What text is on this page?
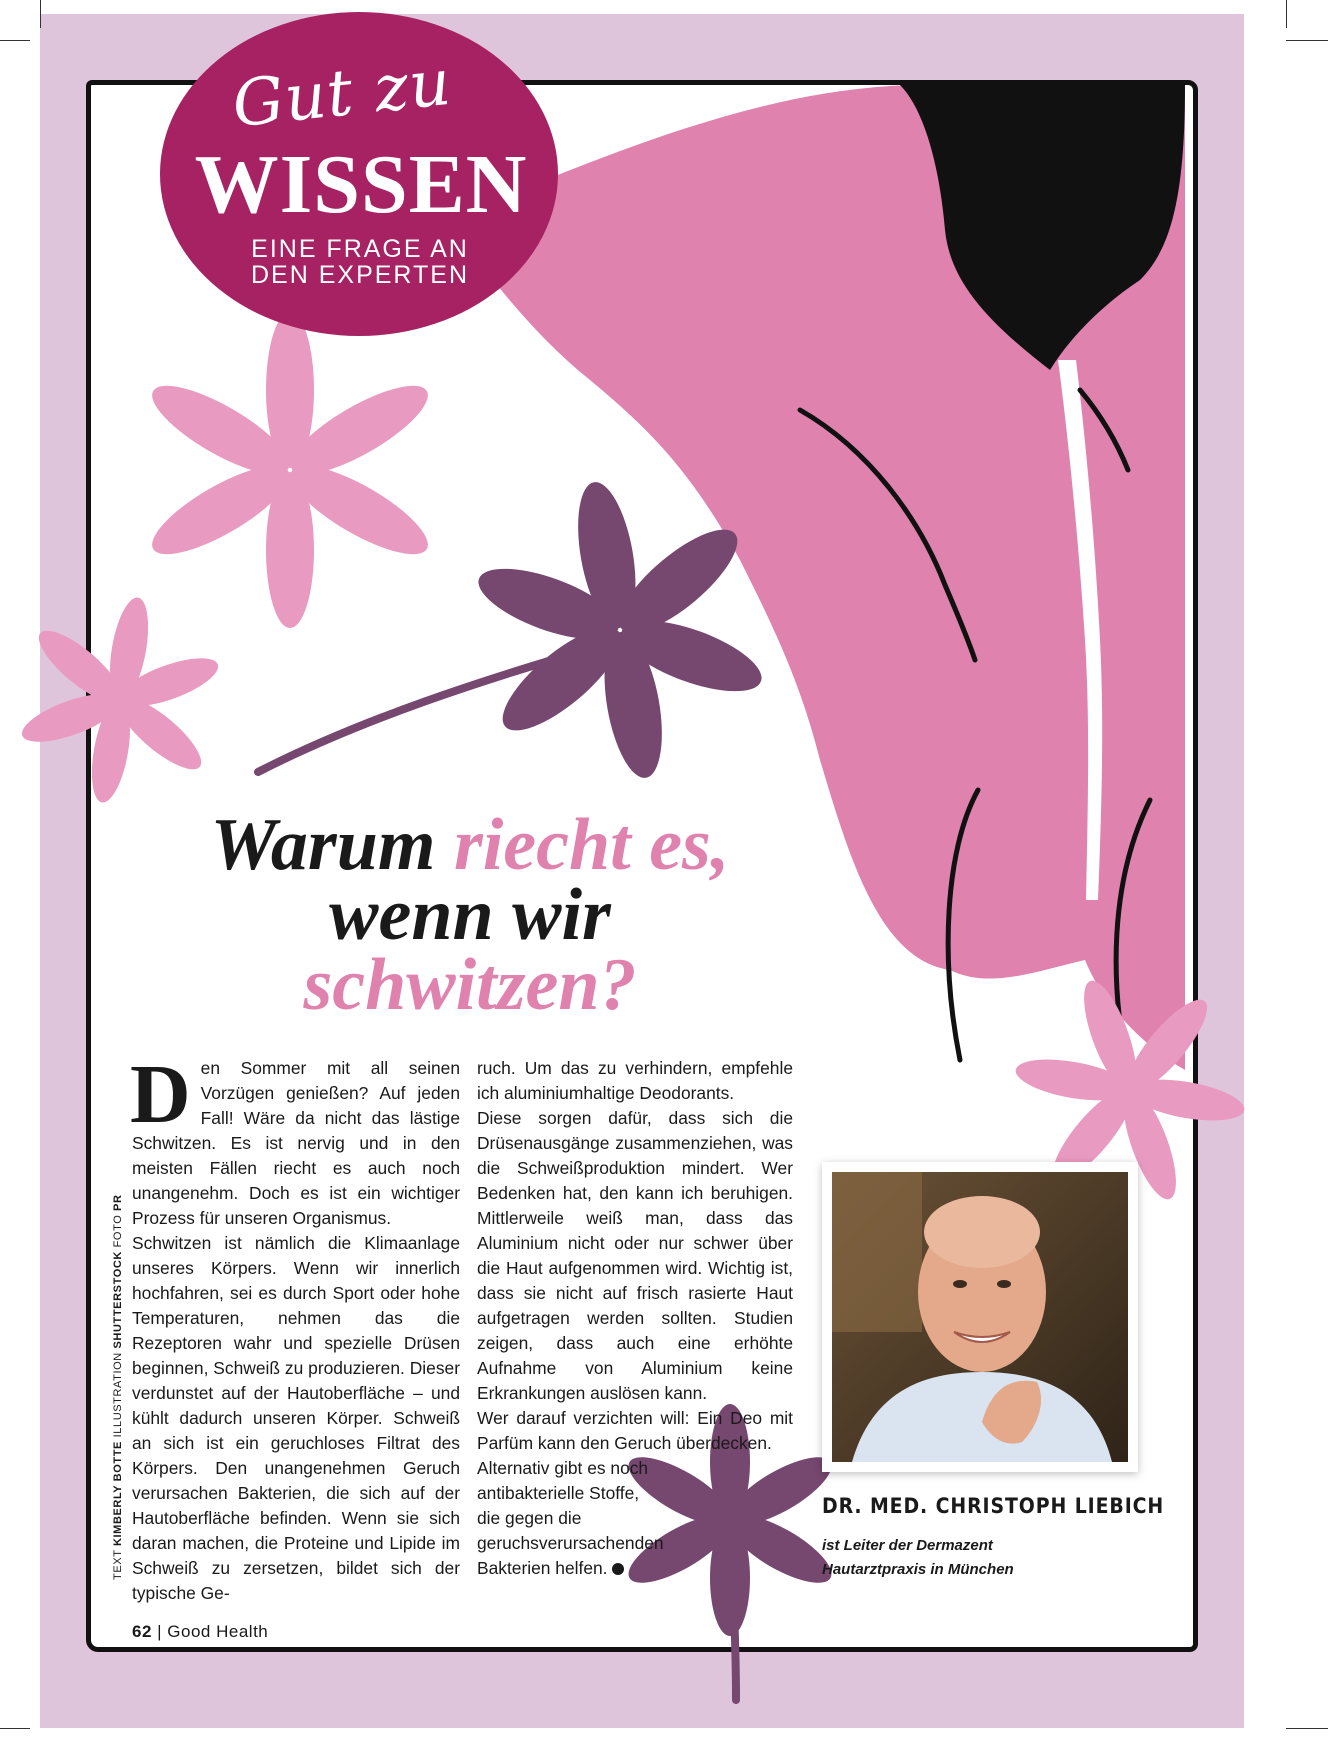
Gut zu
WISSEN
EINE FRAGE AN
DEN EXPERTEN
Warum riecht es,
wenn wir
schwitzen?

Den Sommer mit all seinen Vorzügen genießen? Auf jeden Fall! Wäre da nicht das lästige Schwitzen. Es ist nervig und in den meisten Fällen riecht es auch noch unangenehm. Doch es ist ein wichtiger Prozess für unseren Organismus.

Schwitzen ist nämlich die Klimaanlage unseres Körpers. Wenn wir innerlich hochfahren, sei es durch Sport oder hohe Temperaturen, nehmen das die Rezeptoren wahr und spezielle Drüsen beginnen, Schweiß zu produzieren. Dieser verdunstet auf der Hautoberfläche – und kühlt dadurch unseren Körper. Schweiß an sich ist ein geruchloses Filtrat des Körpers. Den unangenehmen Geruch verursachen Bakterien, die sich auf der Hautoberfläche befinden. Wenn sie sich daran machen, die Proteine und Lipide im Schweiß zu zersetzen, bildet sich der typische Ge-

ruch. Um das zu verhindern, empfehle ich aluminiumhaltige Deodorants.

Diese sorgen dafür, dass sich die Drüsenausgänge zusammenziehen, was die Schweißproduktion mindert. Wer Bedenken hat, den kann ich beruhigen. Mittlerweile weiß man, dass das Aluminium nicht oder nur schwer über die Haut aufgenommen wird. Wichtig ist, dass sie nicht auf frisch rasierte Haut aufgetragen werden sollten. Studien zeigen, dass auch eine erhöhte Aufnahme von Aluminium keine Erkrankungen auslösen kann.

Wer darauf verzichten will: Ein Deo mit Parfüm kann den Geruch überdecken.

Alternativ gibt es noch antibakterielle Stoffe, die gegen die geruchsverursachenden Bakterien helfen.

DR. MED. CHRISTOPH LIEBICH
ist Leiter der Dermazent
Hautarztpraxis in München
TEXT KIMBERLY BOTTE ILLUSTRATION SHUTTERSTOCK FOTO PR
62 | Good Health
